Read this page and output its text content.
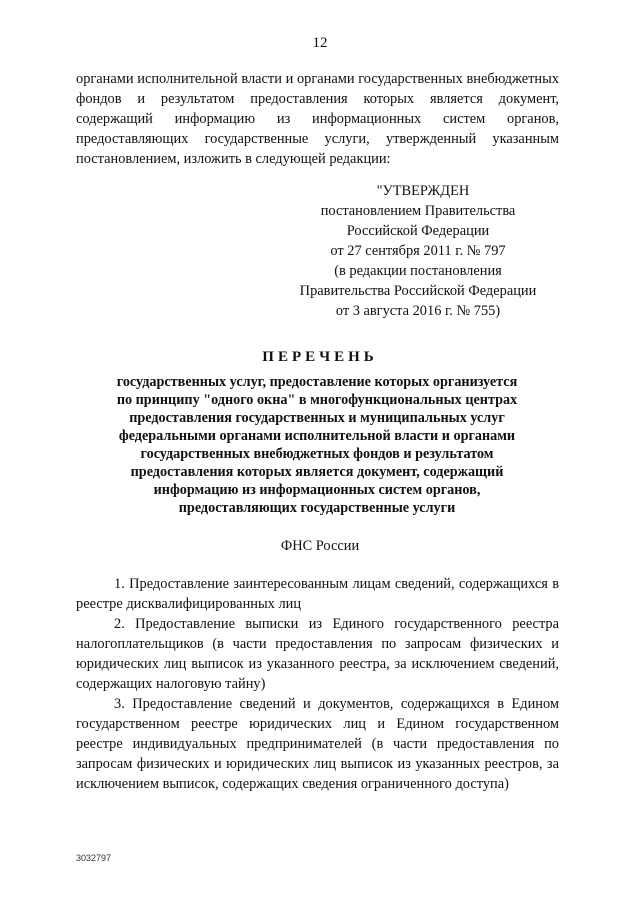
12

органами исполнительной власти и органами государственных внебюджетных фондов и результатом предоставления которых является документ, содержащий информацию из информационных систем органов, предоставляющих государственные услуги, утвержденный указанным постановлением, изложить в следующей редакции:

"УТВЕРЖДЕН
постановлением Правительства
Российской Федерации
от 27 сентября 2011 г. № 797
(в редакции постановления
Правительства Российской Федерации
от 3 августа 2016 г. № 755)
ПЕРЕЧЕНЬ
государственных услуг, предоставление которых организуется
по принципу "одного окна" в многофункциональных центрах
предоставления государственных и муниципальных услуг
федеральными органами исполнительной власти и органами
государственных внебюджетных фондов и результатом
предоставления которых является документ, содержащий
информацию из информационных систем органов,
предоставляющих государственные услуги
ФНС России

1. Предоставление заинтересованным лицам сведений, содержащихся в реестре дисквалифицированных лиц

2. Предоставление выписки из Единого государственного реестра налогоплательщиков (в части предоставления по запросам физических и юридических лиц выписок из указанного реестра, за исключением сведений, содержащих налоговую тайну)

3. Предоставление сведений и документов, содержащихся в Едином государственном реестре юридических лиц и Едином государственном реестре индивидуальных предпринимателей (в части предоставления по запросам физических и юридических лиц выписок из указанных реестров, за исключением выписок, содержащих сведения ограниченного доступа)

3032797
